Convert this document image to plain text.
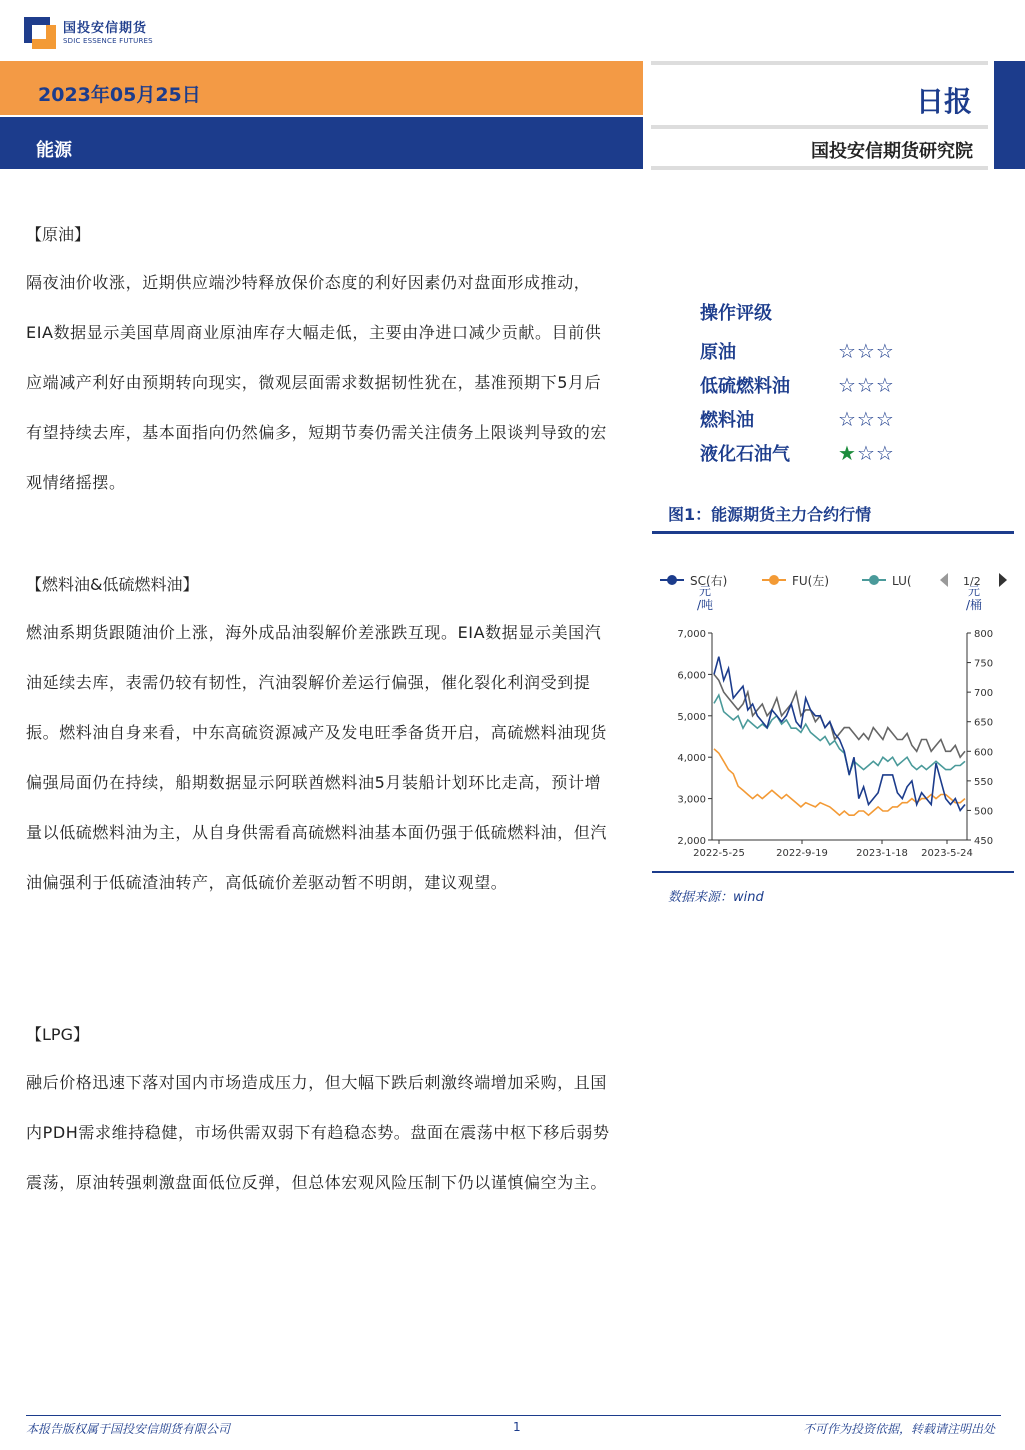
国投安信期货
SDIC ESSENCE FUTURES
2023年05月25日
能源
日报
国投安信期货研究院
【原油】
隔夜油价收涨，近期供应端沙特释放保价态度的利好因素仍对盘面形成推动，EIA数据显示美国草周商业原油库存大幅走低，主要由净进口减少贡献。目前供应端减产利好由预期转向现实，微观层面需求数据韧性犹在，基准预期下5月后有望持续去库，基本面指向仍然偏多，短期节奏仍需关注债务上限谈判导致的宏观情绪摇摆。
【燃料油&低硫燃料油】
燃油系期货跟随油价上涨，海外成品油裂解价差涨跌互现。EIA数据显示美国汽油延续去库，表需仍较有韧性，汽油裂解价差运行偏强，催化裂化利润受到提振。燃料油自身来看，中东高硫资源减产及发电旺季备货开启，高硫燃料油现货偏强局面仍在持续，船期数据显示阿联酋燃料油5月装船计划环比走高，预计增量以低硫燃料油为主，从自身供需看高硫燃料油基本面仍强于低硫燃料油，但汽油偏强利于低硫渣油转产，高低硫价差驱动暂不明朗，建议观望。
【LPG】
融后价格迅速下落对国内市场造成压力，但大幅下跌后刺激终端增加采购，且国内PDH需求维持稳健，市场供需双弱下有趋稳态势。盘面在震荡中枢下移后弱势震荡，原油转强刺激盘面低位反弹，但总体宏观风险压制下仍以谨慎偏空为主。
操作评级
原油	☆☆☆
低硫燃料油	☆☆☆
燃料油	☆☆☆
液化石油气	★☆☆
图1：能源期货主力合约行情
SC(右)	FU(左)	LU(	1/2
元
/吨
元
/桶
7,000
6,000
5,000
4,000
3,000
2,000
800
750
700
650
600
550
500
450
2022-5-25	2022-9-19	2023-1-18 2023-5-24
数据来源：wind
本报告版权属于国投安信期货有限公司	1	不可作为投资依据，转载请注明出处
